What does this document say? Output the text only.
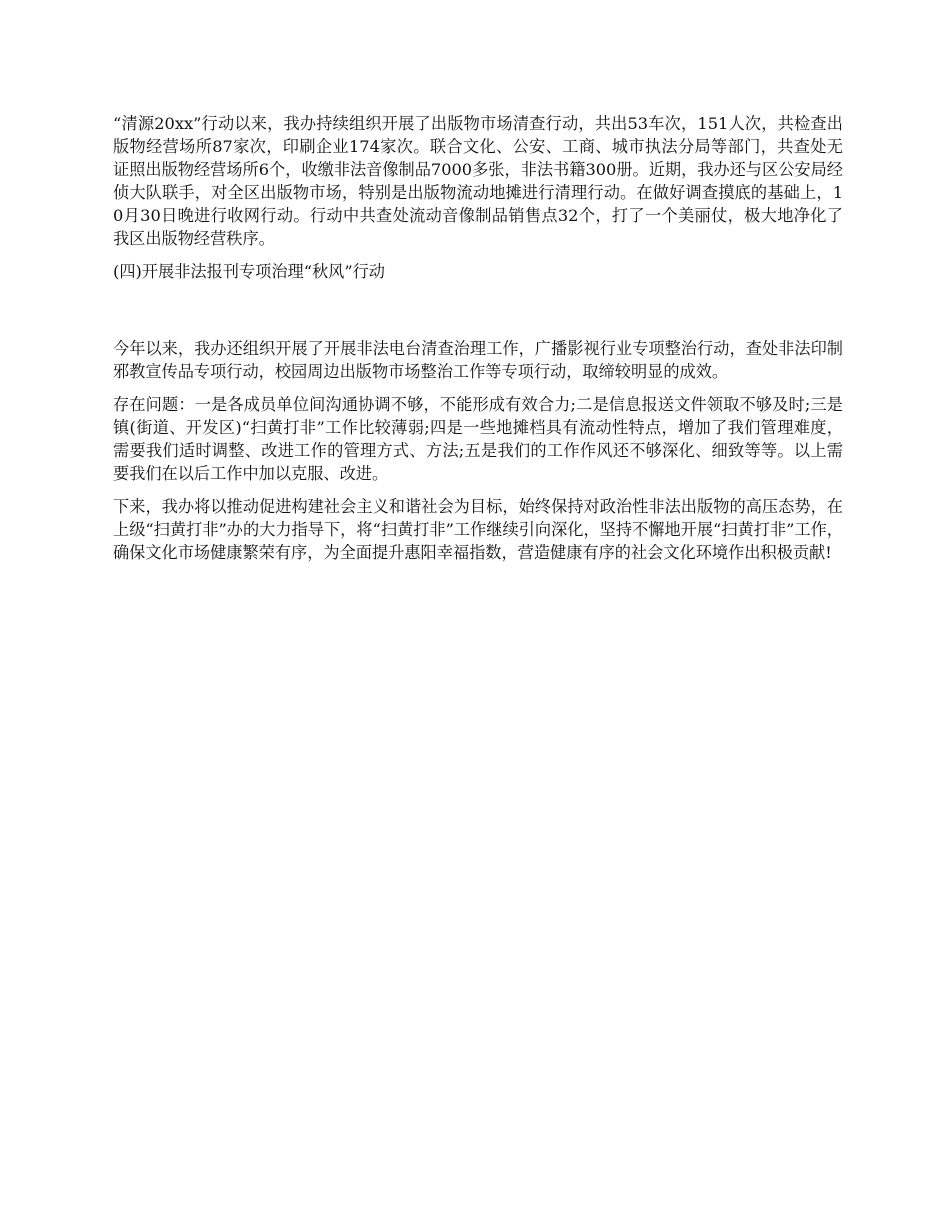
“清源20xx”行动以来，我办持续组织开展了出版物市场清查行动，共出53车次，151人次，共检查出版物经营场所87家次，印刷企业174家次。联合文化、公安、工商、城市执法分局等部门，共查处无证照出版物经营场所6个，收缴非法音像制品7000多张，非法书籍300册。近期，我办还与区公安局经侦大队联手，对全区出版物市场，特别是出版物流动地摊进行清理行动。在做好调查摸底的基础上，10月30日晚进行收网行动。行动中共查处流动音像制品销售点32个，打了一个美丽仗，极大地净化了我区出版物经营秩序。

(四)开展非法报刊专项治理“秋风”行动

今年以来，我办还组织开展了开展非法电台清查治理工作，广播影视行业专项整治行动，查处非法印制邪教宣传品专项行动，校园周边出版物市场整治工作等专项行动，取缔较明显的成效。

存在问题：一是各成员单位间沟通协调不够，不能形成有效合力;二是信息报送文件领取不够及时;三是镇(街道、开发区)“扫黄打非”工作比较薄弱;四是一些地摊档具有流动性特点，增加了我们管理难度，需要我们适时调整、改进工作的管理方式、方法;五是我们的工作作风还不够深化、细致等等。以上需要我们在以后工作中加以克服、改进。

下来，我办将以推动促进构建社会主义和谐社会为目标，始终保持对政治性非法出版物的高压态势，在上级“扫黄打非”办的大力指导下，将“扫黄打非”工作继续引向深化，坚持不懈地开展“扫黄打非”工作，确保文化市场健康繁荣有序，为全面提升惠阳幸福指数，营造健康有序的社会文化环境作出积极贡献!
